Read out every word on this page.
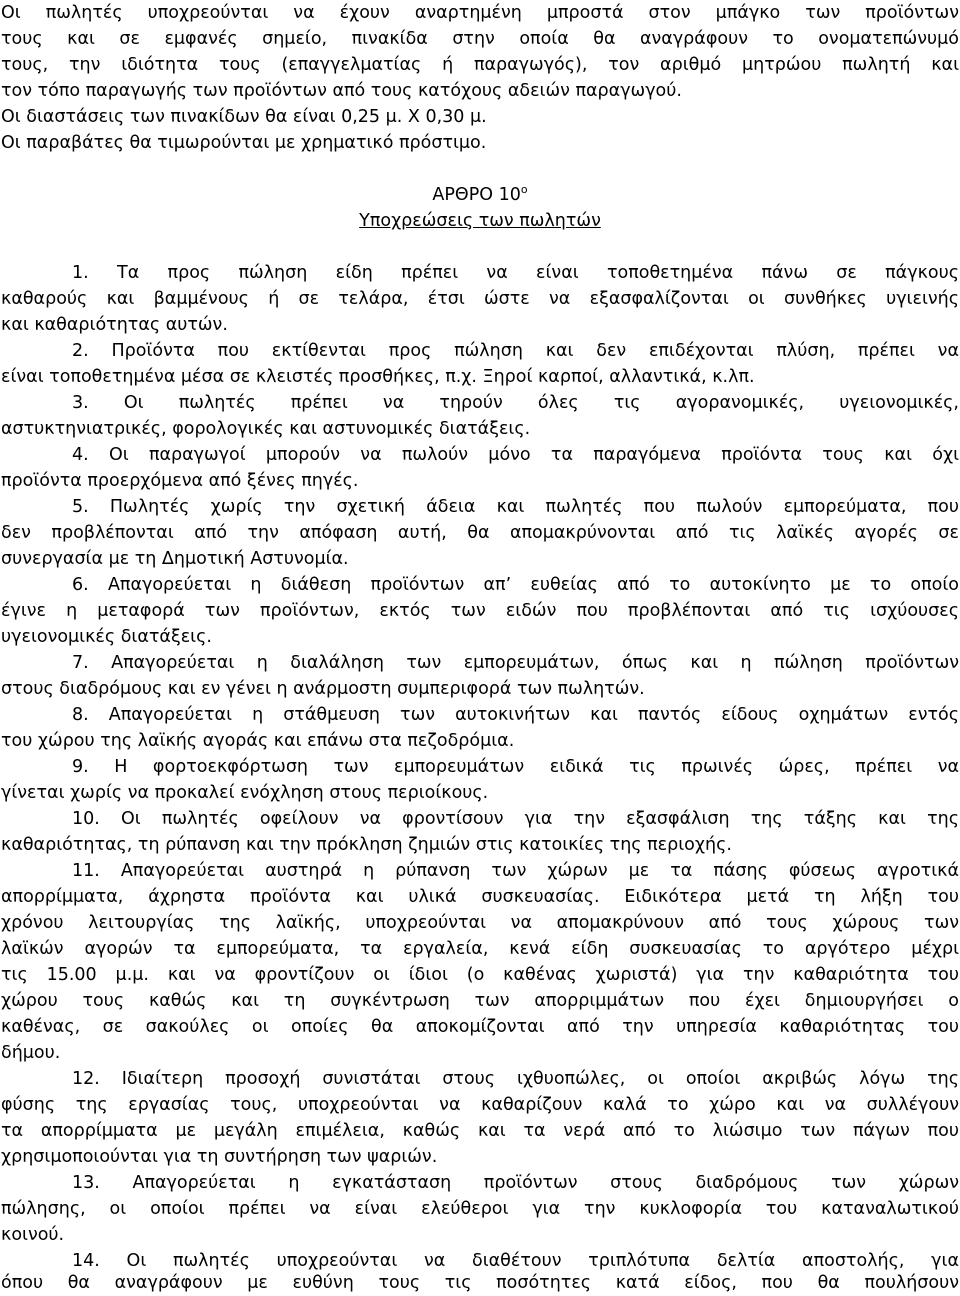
Οι πωλητές υποχρεούνται να έχουν αναρτημένη μπροστά στον μπάγκο των προϊόντων
τους και σε εμφανές σημείο, πινακίδα στην οποία θα αναγράφουν το ονοματεπώνυμό
τους, την ιδιότητα τους (επαγγελματίας ή παραγωγός), τον αριθμό μητρώου πωλητή και
τον τόπο παραγωγής των προϊόντων από τους κατόχους αδειών παραγωγού.
Οι διαστάσεις των πινακίδων θα είναι 0,25 μ. Χ 0,30 μ.
Οι παραβάτες θα τιμωρούνται με χρηματικό πρόστιμο.
ΑΡΘΡΟ $10^o$
Υποχρεώσεις των πωλητών
1. Τα προς πώληση είδη πρέπει να είναι τοποθετημένα πάνω σε πάγκους
καθαρούς και βαμμένους ή σε τελάρα, έτσι ώστε να εξασφαλίζονται οι συνθήκες υγιεινής
και καθαριότητας αυτών.
2. Προϊόντα που εκτίθενται προς πώληση και δεν επιδέχονται πλύση, πρέπει να
είναι τοποθετημένα μέσα σε κλειστές προσθήκες, π.χ. Ξηροί καρποί, αλλαντικά, κ.λπ.
3. Οι πωλητές πρέπει να τηρούν όλες τις αγορανομικές, υγειονομικές,
αστυκτηνιατρικές, φορολογικές και αστυνομικές διατάξεις.
4. Οι παραγωγοί μπορούν να πωλούν μόνο τα παραγόμενα προϊόντα τους και όχι
προϊόντα προερχόμενα από ξένες πηγές.
5. Πωλητές χωρίς την σχετική άδεια και πωλητές που πωλούν εμπορεύματα, που
δεν προβλέπονται από την απόφαση αυτή, θα απομακρύνονται από τις λαϊκές αγορές σε
συνεργασία με τη Δημοτική Αστυνομία.
6. Απαγορεύεται η διάθεση προϊόντων απ’ ευθείας από το αυτοκίνητο με το οποίο
έγινε η μεταφορά των προϊόντων, εκτός των ειδών που προβλέπονται από τις ισχύουσες
υγειονομικές διατάξεις.
7. Απαγορεύεται η διαλάληση των εμπορευμάτων, όπως και η πώληση προϊόντων
στους διαδρόμους και εν γένει η ανάρμοστη συμπεριφορά των πωλητών.
8. Απαγορεύεται η στάθμευση των αυτοκινήτων και παντός είδους οχημάτων εντός
του χώρου της λαϊκής αγοράς και επάνω στα πεζοδρόμια.
9. Η φορτοεκφόρτωση των εμπορευμάτων ειδικά τις πρωινές ώρες, πρέπει να
γίνεται χωρίς να προκαλεί ενόχληση στους περιοίκους.
10. Οι πωλητές οφείλουν να φροντίσουν για την εξασφάλιση της τάξης και της
καθαριότητας, τη ρύπανση και την πρόκληση ζημιών στις κατοικίες της περιοχής.
11. Απαγορεύεται αυστηρά η ρύπανση των χώρων με τα πάσης φύσεως αγροτικά
απορρίμματα, άχρηστα προϊόντα και υλικά συσκευασίας. Ειδικότερα μετά τη λήξη του
χρόνου λειτουργίας της λαϊκής, υποχρεούνται να απομακρύνουν από τους χώρους των
λαϊκών αγορών τα εμπορεύματα, τα εργαλεία, κενά είδη συσκευασίας το αργότερο μέχρι
τις 15.00 μ.μ. και να φροντίζουν οι ίδιοι (ο καθένας χωριστά) για την καθαριότητα του
χώρου τους καθώς και τη συγκέντρωση των απορριμμάτων που έχει δημιουργήσει ο
καθένας, σε σακούλες οι οποίες θα αποκομίζονται από την υπηρεσία καθαριότητας του
δήμου.
12. Ιδιαίτερη προσοχή συνιστάται στους ιχθυοπώλες, οι οποίοι ακριβώς λόγω της
φύσης της εργασίας τους, υποχρεούνται να καθαρίζουν καλά το χώρο και να συλλέγουν
τα απορρίμματα με μεγάλη επιμέλεια, καθώς και τα νερά από το λιώσιμο των πάγων που
χρησιμοποιούνται για τη συντήρηση των ψαριών.
13. Απαγορεύεται η εγκατάσταση προϊόντων στους διαδρόμους των χώρων
πώλησης, οι οποίοι πρέπει να είναι ελεύθεροι για την κυκλοφορία του καταναλωτικού
κοινού.
14. Οι πωλητές υποχρεούνται να διαθέτουν τριπλότυπα δελτία αποστολής, για
όπου θα αναγράφουν με ευθύνη τους τις ποσότητες κατά είδος, που θα πουλήσουν
